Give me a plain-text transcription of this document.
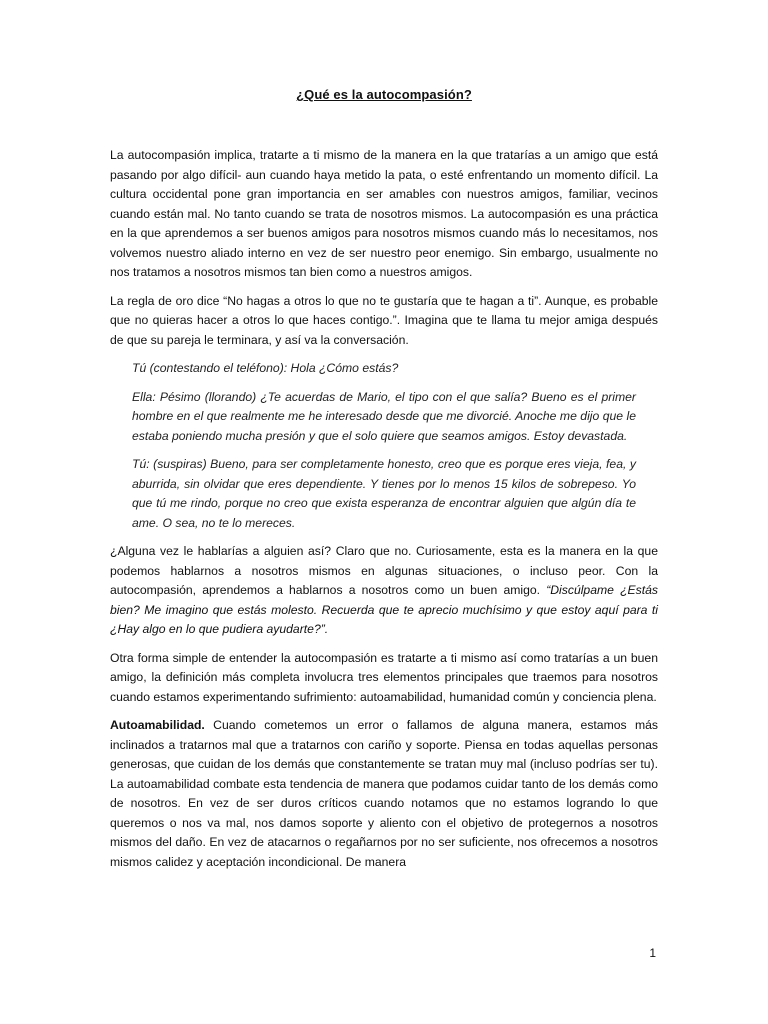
¿Qué es la autocompasión?

La autocompasión implica, tratarte a ti mismo de la manera en la que tratarías a un amigo que está pasando por algo difícil- aun cuando haya metido la pata, o esté enfrentando un momento difícil. La cultura occidental pone gran importancia en ser amables con nuestros amigos, familiar, vecinos cuando están mal. No tanto cuando se trata de nosotros mismos. La autocompasión es una práctica en la que aprendemos a ser buenos amigos para nosotros mismos cuando más lo necesitamos, nos volvemos nuestro aliado interno en vez de ser nuestro peor enemigo. Sin embargo, usualmente no nos tratamos a nosotros mismos tan bien como a nuestros amigos.

La regla de oro dice “No hagas a otros lo que no te gustaría que te hagan a ti”. Aunque, es probable que no quieras hacer a otros lo que haces contigo.”. Imagina que te llama tu mejor amiga después de que su pareja le terminara, y así va la conversación.

Tú (contestando el teléfono): Hola ¿Cómo estás?

Ella: Pésimo (llorando) ¿Te acuerdas de Mario, el tipo con el que salía? Bueno es el primer hombre en el que realmente me he interesado desde que me divorcié. Anoche me dijo que le estaba poniendo mucha presión y que el solo quiere que seamos amigos. Estoy devastada.

Tú: (suspiras) Bueno, para ser completamente honesto, creo que es porque eres vieja, fea, y aburrida, sin olvidar que eres dependiente. Y tienes por lo menos 15 kilos de sobrepeso. Yo que tú me rindo, porque no creo que exista esperanza de encontrar alguien que algún día te ame. O sea, no te lo mereces.

¿Alguna vez le hablarías a alguien así? Claro que no. Curiosamente, esta es la manera en la que podemos hablarnos a nosotros mismos en algunas situaciones, o incluso peor. Con la autocompasión, aprendemos a hablarnos a nosotros como un buen amigo. “Discúlpame ¿Estás bien? Me imagino que estás molesto. Recuerda que te aprecio muchísimo y que estoy aquí para ti ¿Hay algo en lo que pudiera ayudarte?”.

Otra forma simple de entender la autocompasión es tratarte a ti mismo así como tratarías a un buen amigo, la definición más completa involucra tres elementos principales que traemos para nosotros cuando estamos experimentando sufrimiento: autoamabilidad, humanidad común y conciencia plena.

Autoamabilidad. Cuando cometemos un error o fallamos de alguna manera, estamos más inclinados a tratarnos mal que a tratarnos con cariño y soporte. Piensa en todas aquellas personas generosas, que cuidan de los demás que constantemente se tratan muy mal (incluso podrías ser tu). La autoamabilidad combate esta tendencia de manera que podamos cuidar tanto de los demás como de nosotros. En vez de ser duros críticos cuando notamos que no estamos logrando lo que queremos o nos va mal, nos damos soporte y aliento con el objetivo de protegernos a nosotros mismos del daño. En vez de atacarnos o regañarnos por no ser suficiente, nos ofrecemos a nosotros mismos calidez y aceptación incondicional. De manera

1
